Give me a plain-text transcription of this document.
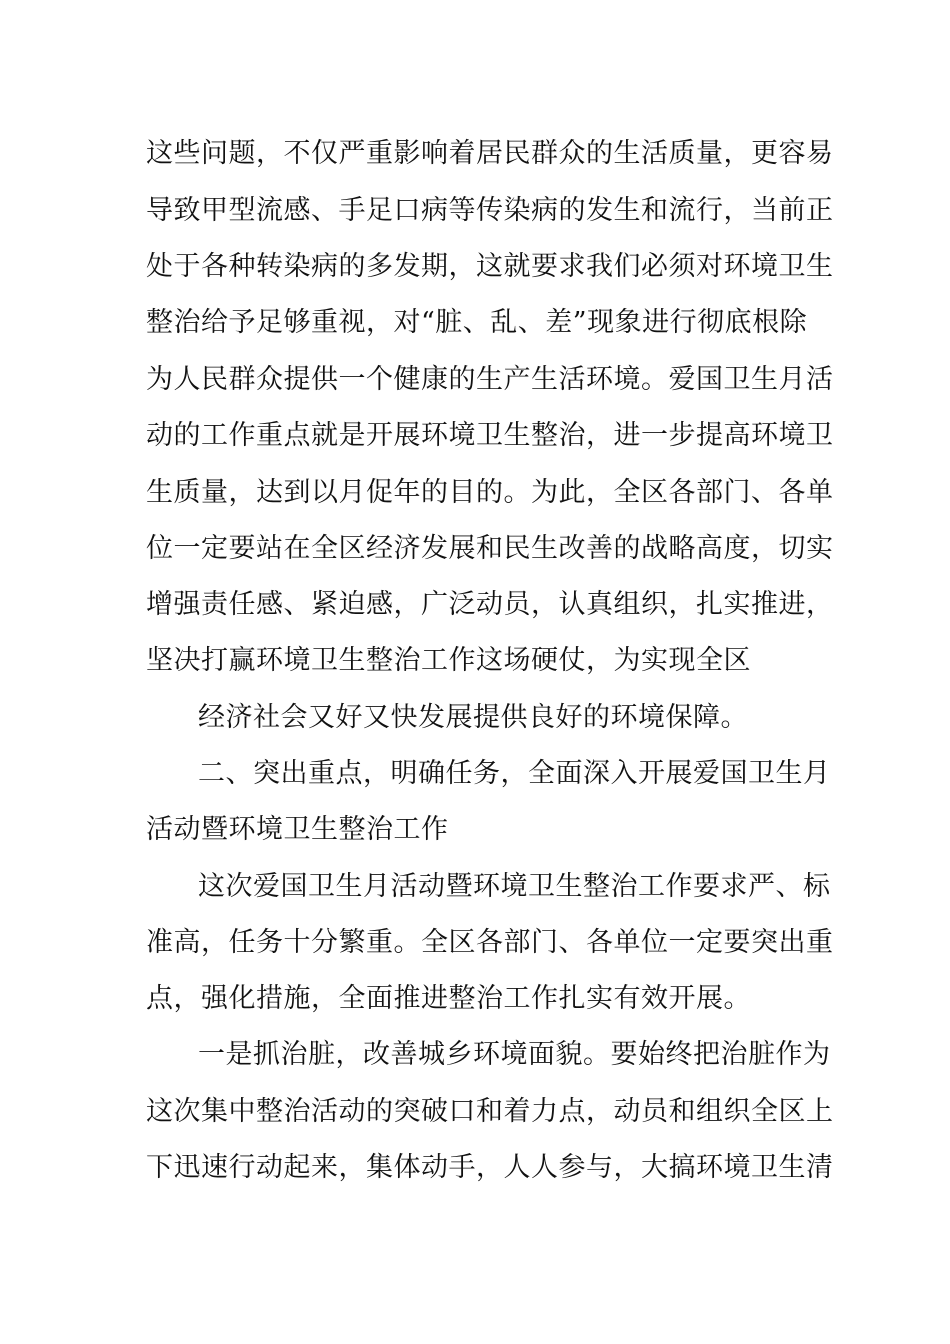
这些问题，不仅严重影响着居民群众的生活质量，更容易
导致甲型流感、手足口病等传染病的发生和流行，当前正
处于各种转染病的多发期，这就要求我们必须对环境卫生
整治给予足够重视，对“脏、乱、差”现象进行彻底根除
为人民群众提供一个健康的生产生活环境。爱国卫生月活
动的工作重点就是开展环境卫生整治，进一步提高环境卫
生质量，达到以月促年的目的。为此，全区各部门、各单
位一定要站在全区经济发展和民生改善的战略高度，切实
增强责任感、紧迫感，广泛动员，认真组织，扎实推进，
坚决打赢环境卫生整治工作这场硬仗，为实现全区
经济社会又好又快发展提供良好的环境保障。
二、突出重点，明确任务，全面深入开展爱国卫生月
活动暨环境卫生整治工作
这次爱国卫生月活动暨环境卫生整治工作要求严、标
准高，任务十分繁重。全区各部门、各单位一定要突出重
点，强化措施，全面推进整治工作扎实有效开展。
一是抓治脏，改善城乡环境面貌。要始终把治脏作为
这次集中整治活动的突破口和着力点，动员和组织全区上
下迅速行动起来，集体动手，人人参与，大搞环境卫生清
